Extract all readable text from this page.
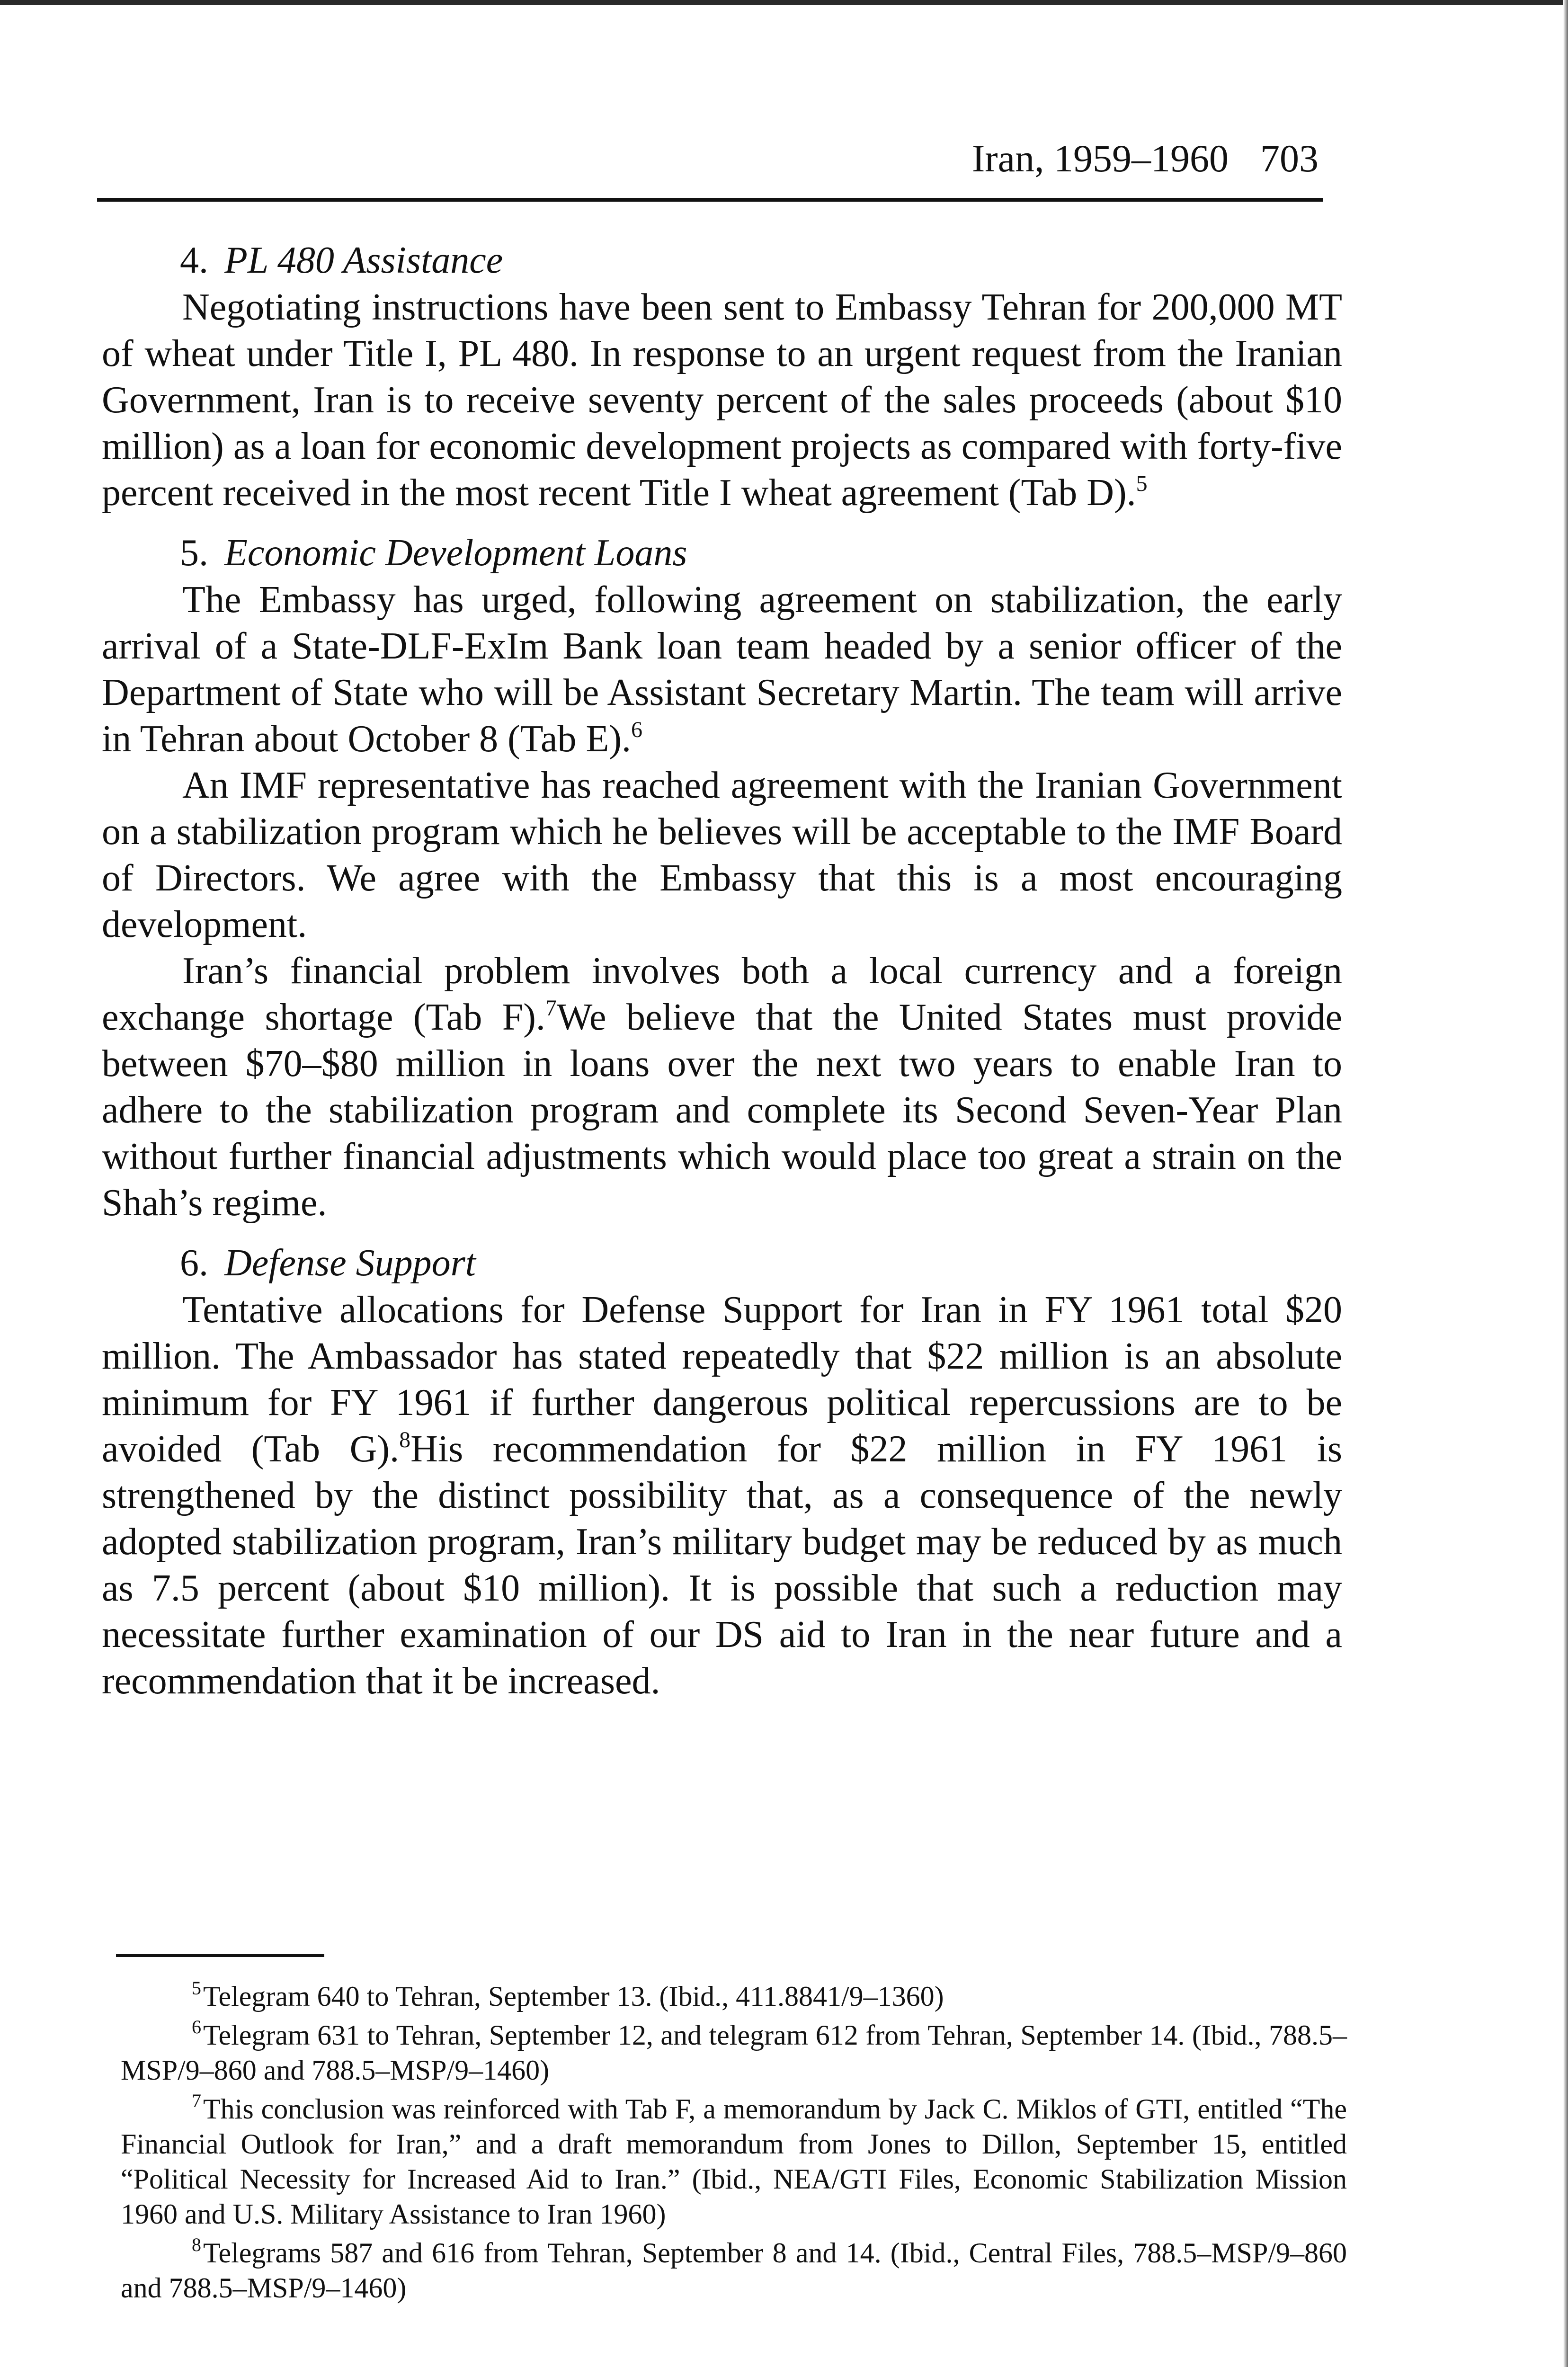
Iran, 1959–1960 703

4. PL 480 Assistance

Negotiating instructions have been sent to Embassy Tehran for 200,000 MT of wheat under Title I, PL 480. In response to an urgent request from the Iranian Government, Iran is to receive seventy percent of the sales proceeds (about $10 million) as a loan for economic development projects as compared with forty-five percent received in the most recent Title I wheat agreement (Tab D).$^5$

5. Economic Development Loans

The Embassy has urged, following agreement on stabilization, the early arrival of a State-DLF-ExIm Bank loan team headed by a senior officer of the Department of State who will be Assistant Secretary Martin. The team will arrive in Tehran about October 8 (Tab E).$^6$

An IMF representative has reached agreement with the Iranian Government on a stabilization program which he believes will be acceptable to the IMF Board of Directors. We agree with the Embassy that this is a most encouraging development.

Iran’s financial problem involves both a local currency and a foreign exchange shortage (Tab F).$^7$We believe that the United States must provide between $70–$80 million in loans over the next two years to enable Iran to adhere to the stabilization program and complete its Second Seven-Year Plan without further financial adjustments which would place too great a strain on the Shah’s regime.

6. Defense Support

Tentative allocations for Defense Support for Iran in FY 1961 total $20 million. The Ambassador has stated repeatedly that $22 million is an absolute minimum for FY 1961 if further dangerous political repercussions are to be avoided (Tab G).$^8$His recommendation for $22 million in FY 1961 is strengthened by the distinct possibility that, as a consequence of the newly adopted stabilization program, Iran’s military budget may be reduced by as much as 7.5 percent (about $10 million). It is possible that such a reduction may necessitate further examination of our DS aid to Iran in the near future and a recommendation that it be increased.

$^5$Telegram 640 to Tehran, September 13. (Ibid., 411.8841/9–1360)

$^6$Telegram 631 to Tehran, September 12, and telegram 612 from Tehran, September 14. (Ibid., 788.5–MSP/9–860 and 788.5–MSP/9–1460)

$^7$This conclusion was reinforced with Tab F, a memorandum by Jack C. Miklos of GTI, entitled “The Financial Outlook for Iran,” and a draft memorandum from Jones to Dillon, September 15, entitled “Political Necessity for Increased Aid to Iran.” (Ibid., NEA/GTI Files, Economic Stabilization Mission 1960 and U.S. Military Assistance to Iran 1960)

$^8$Telegrams 587 and 616 from Tehran, September 8 and 14. (Ibid., Central Files, 788.5–MSP/9–860 and 788.5–MSP/9–1460)
